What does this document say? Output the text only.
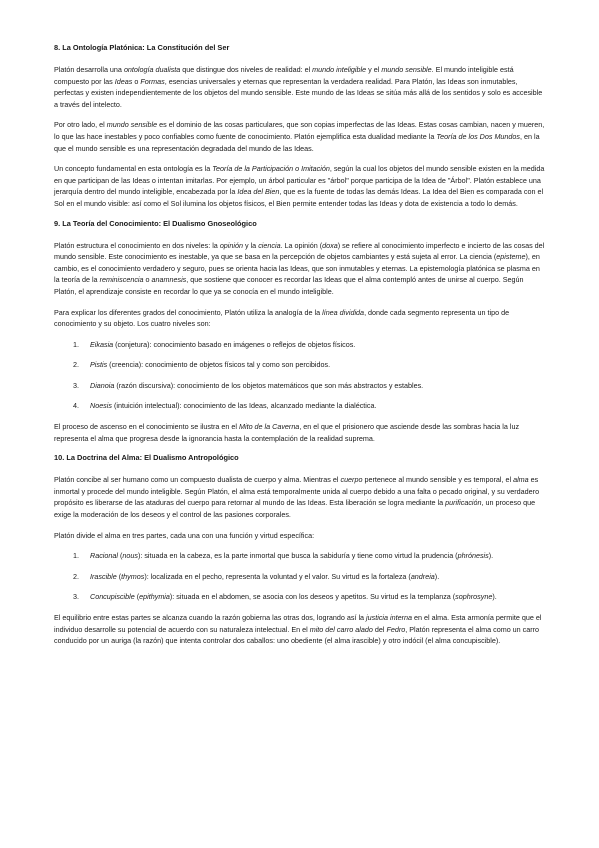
8. La Ontología Platónica: La Constitución del Ser

Platón desarrolla una ontología dualista que distingue dos niveles de realidad: el mundo inteligible y el mundo sensible. El mundo inteligible está compuesto por las Ideas o Formas, esencias universales y eternas que representan la verdadera realidad. Para Platón, las Ideas son inmutables, perfectas y existen independientemente de los objetos del mundo sensible. Este mundo de las Ideas se sitúa más allá de los sentidos y solo es accesible a través del intelecto.

Por otro lado, el mundo sensible es el dominio de las cosas particulares, que son copias imperfectas de las Ideas. Estas cosas cambian, nacen y mueren, lo que las hace inestables y poco confiables como fuente de conocimiento. Platón ejemplifica esta dualidad mediante la Teoría de los Dos Mundos, en la que el mundo sensible es una representación degradada del mundo de las Ideas.

Un concepto fundamental en esta ontología es la Teoría de la Participación o Imitación, según la cual los objetos del mundo sensible existen en la medida en que participan de las Ideas o intentan imitarlas. Por ejemplo, un árbol particular es "árbol" porque participa de la Idea de "Árbol". Platón establece una jerarquía dentro del mundo inteligible, encabezada por la Idea del Bien, que es la fuente de todas las demás Ideas. La Idea del Bien es comparada con el Sol en el mundo visible: así como el Sol ilumina los objetos físicos, el Bien permite entender todas las Ideas y dota de existencia a todo lo demás.

9. La Teoría del Conocimiento: El Dualismo Gnoseológico

Platón estructura el conocimiento en dos niveles: la opinión y la ciencia. La opinión (doxa) se refiere al conocimiento imperfecto e incierto de las cosas del mundo sensible. Este conocimiento es inestable, ya que se basa en la percepción de objetos cambiantes y está sujeta al error. La ciencia (episteme), en cambio, es el conocimiento verdadero y seguro, pues se orienta hacia las Ideas, que son inmutables y eternas. La epistemología platónica se plasma en la teoría de la reminiscencia o anamnesis, que sostiene que conocer es recordar las Ideas que el alma contempló antes de unirse al cuerpo. Según Platón, el aprendizaje consiste en recordar lo que ya se conocía en el mundo inteligible.

Para explicar los diferentes grados del conocimiento, Platón utiliza la analogía de la línea dividida, donde cada segmento representa un tipo de conocimiento y su objeto. Los cuatro niveles son:

1. Eikasia (conjetura): conocimiento basado en imágenes o reflejos de objetos físicos.
2. Pistis (creencia): conocimiento de objetos físicos tal y como son percibidos.
3. Dianoia (razón discursiva): conocimiento de los objetos matemáticos que son más abstractos y estables.
4. Noesis (intuición intelectual): conocimiento de las Ideas, alcanzado mediante la dialéctica.

El proceso de ascenso en el conocimiento se ilustra en el Mito de la Caverna, en el que el prisionero que asciende desde las sombras hacia la luz representa el alma que progresa desde la ignorancia hasta la contemplación de la realidad suprema.

10. La Doctrina del Alma: El Dualismo Antropológico

Platón concibe al ser humano como un compuesto dualista de cuerpo y alma. Mientras el cuerpo pertenece al mundo sensible y es temporal, el alma es inmortal y procede del mundo inteligible. Según Platón, el alma está temporalmente unida al cuerpo debido a una falta o pecado original, y su verdadero propósito es liberarse de las ataduras del cuerpo para retornar al mundo de las Ideas. Esta liberación se logra mediante la purificación, un proceso que exige la moderación de los deseos y el control de las pasiones corporales.

Platón divide el alma en tres partes, cada una con una función y virtud específica:

1. Racional (nous): situada en la cabeza, es la parte inmortal que busca la sabiduría y tiene como virtud la prudencia (phrónesis).
2. Irascible (thymos): localizada en el pecho, representa la voluntad y el valor. Su virtud es la fortaleza (andreia).
3. Concupiscible (epithymia): situada en el abdomen, se asocia con los deseos y apetitos. Su virtud es la templanza (sophrosyne).

El equilibrio entre estas partes se alcanza cuando la razón gobierna las otras dos, logrando así la justicia interna en el alma. Esta armonía permite que el individuo desarrolle su potencial de acuerdo con su naturaleza intelectual. En el mito del carro alado del Fedro, Platón representa el alma como un carro conducido por un auriga (la razón) que intenta controlar dos caballos: uno obediente (el alma irascible) y otro indócil (el alma concupiscible).
